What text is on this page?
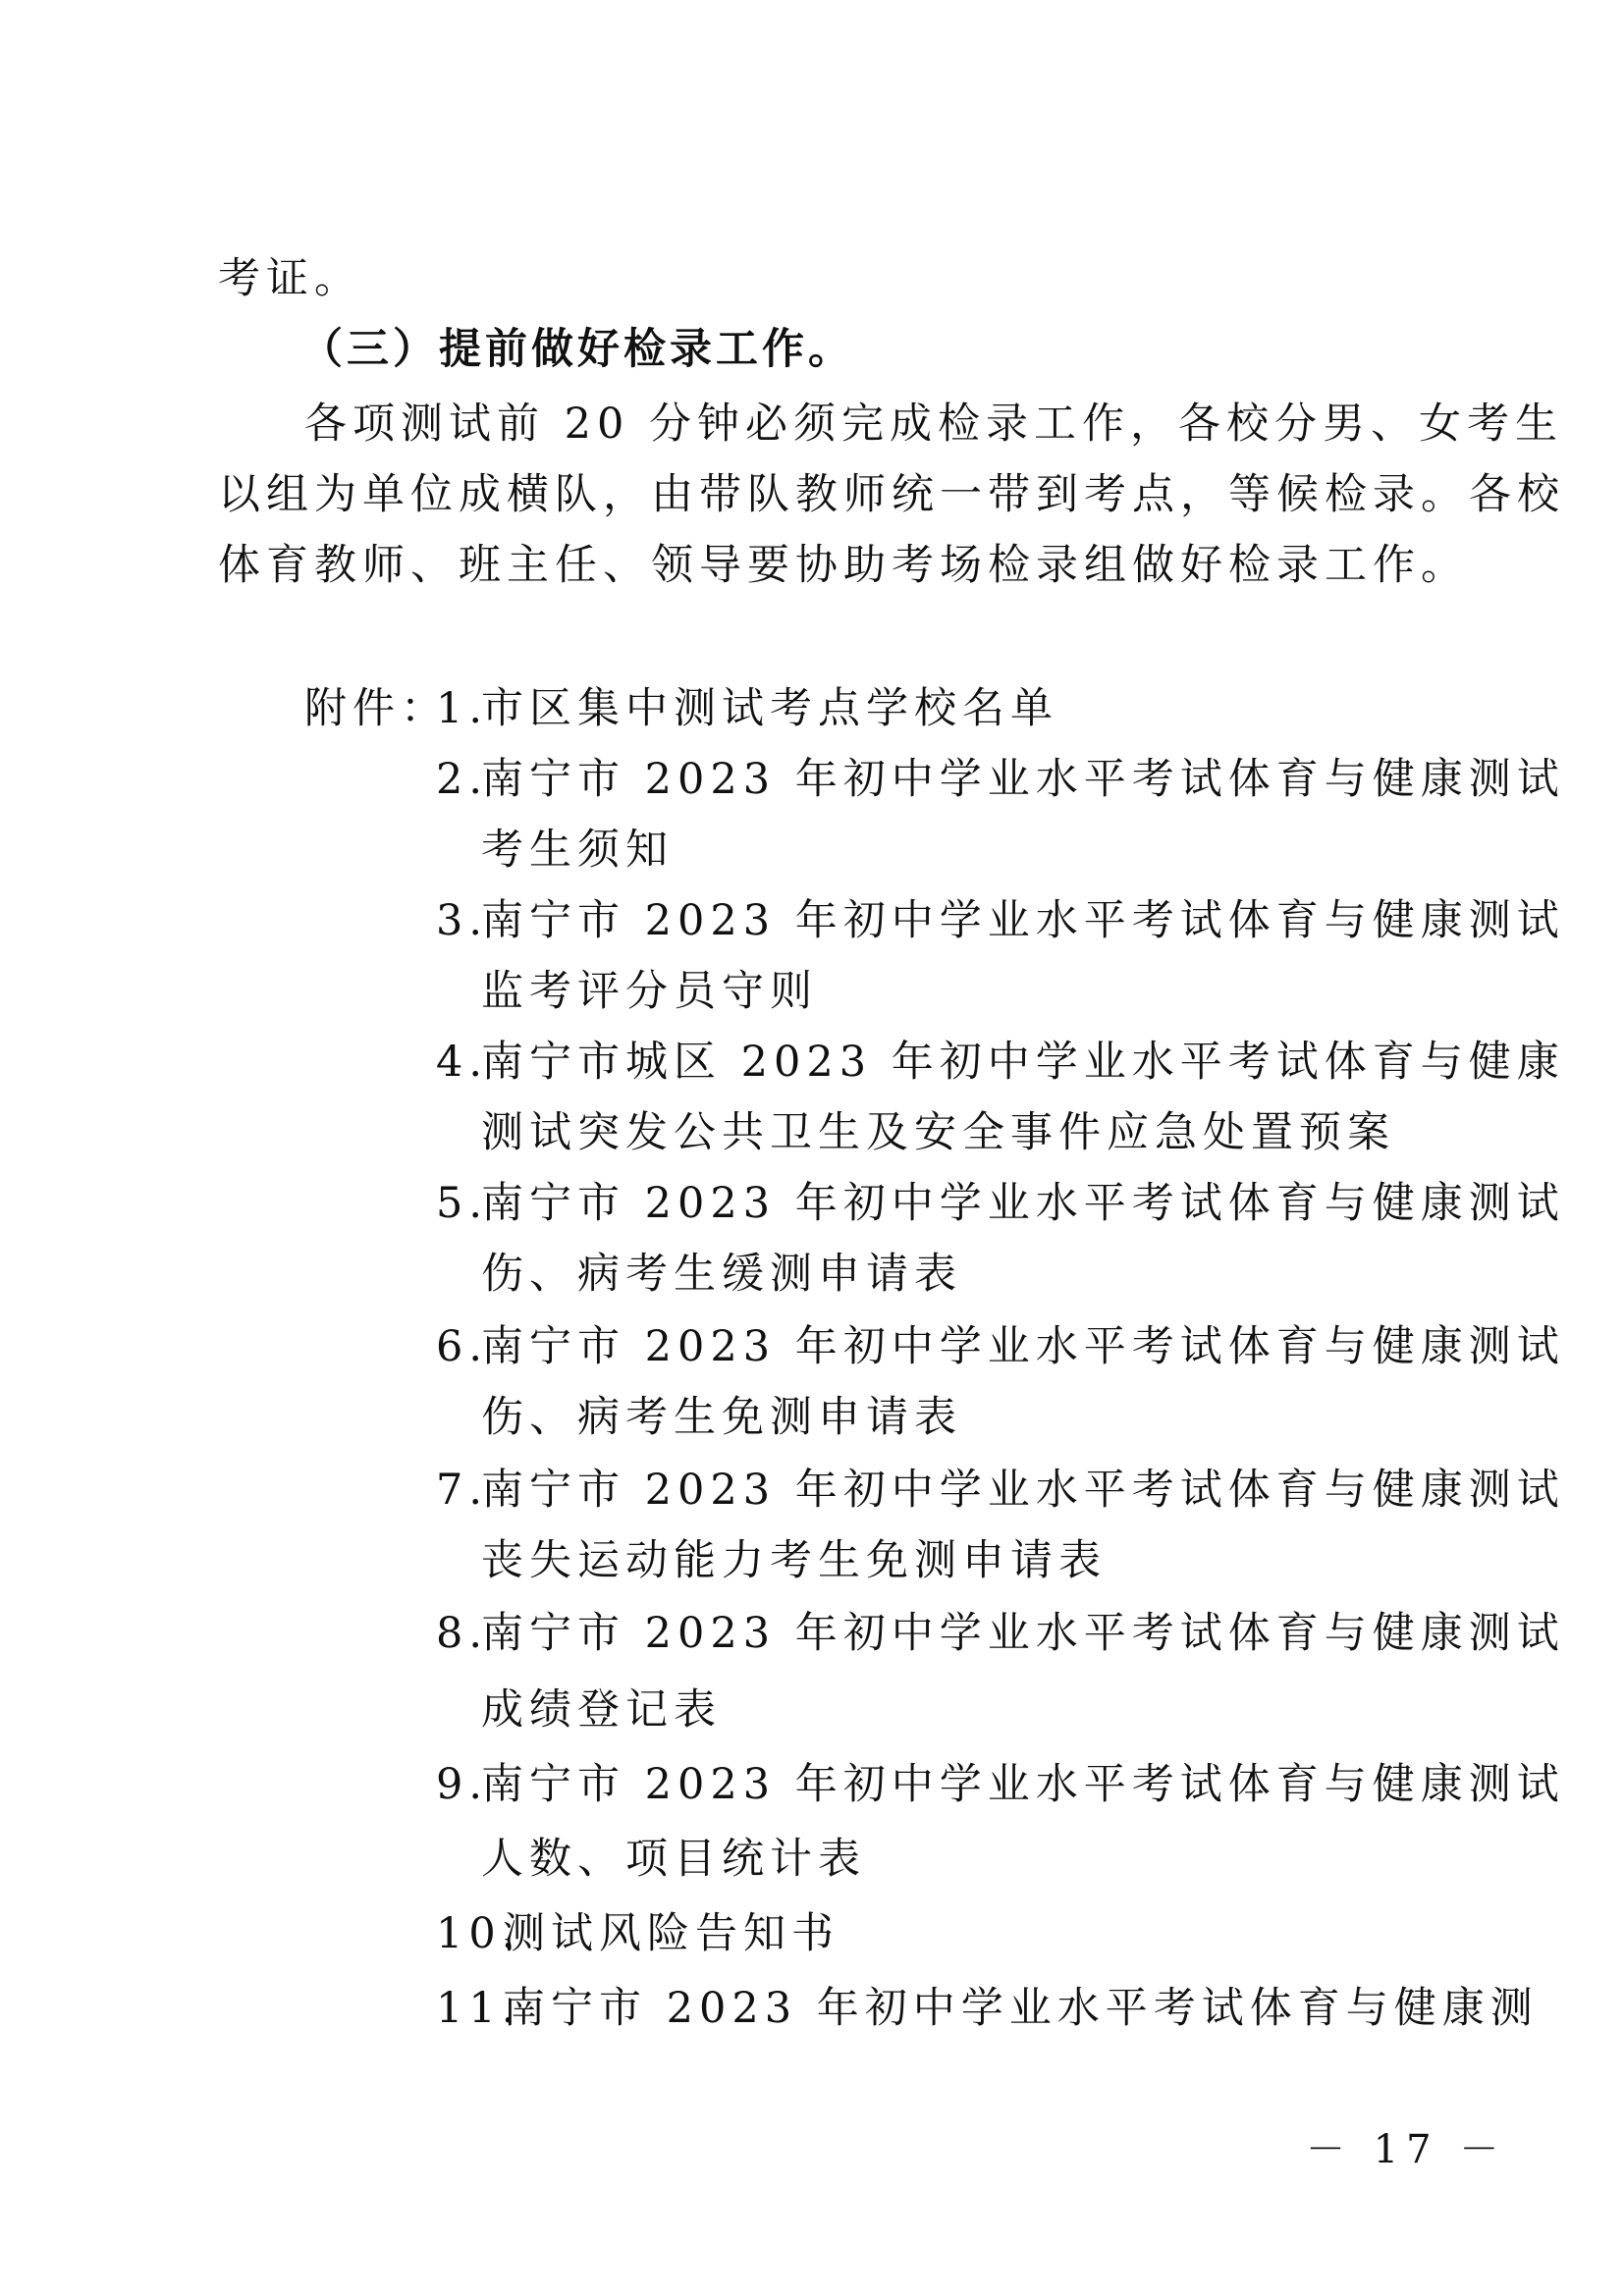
考证。
（三）提前做好检录工作。
各项测试前 20 分钟必须完成检录工作，各校分男、女考生
以组为单位成横队，由带队教师统一带到考点，等候检录。各校
体育教师、班主任、领导要协助考场检录组做好检录工作。
附件：
1.
市区集中测试考点学校名单
2.
南宁市 2023 年初中学业水平考试体育与健康测试
考生须知
3.
南宁市 2023 年初中学业水平考试体育与健康测试
监考评分员守则
4.
南宁市城区 2023 年初中学业水平考试体育与健康
测试突发公共卫生及安全事件应急处置预案
5.
南宁市 2023 年初中学业水平考试体育与健康测试
伤、病考生缓测申请表
6.
南宁市 2023 年初中学业水平考试体育与健康测试
伤、病考生免测申请表
7.
南宁市 2023 年初中学业水平考试体育与健康测试
丧失运动能力考生免测申请表
8.
南宁市 2023 年初中学业水平考试体育与健康测试
成绩登记表
9.
南宁市 2023 年初中学业水平考试体育与健康测试
人数、项目统计表
10.
测试风险告知书
11.
南宁市 2023 年初中学业水平考试体育与健康测
－ 17 －
